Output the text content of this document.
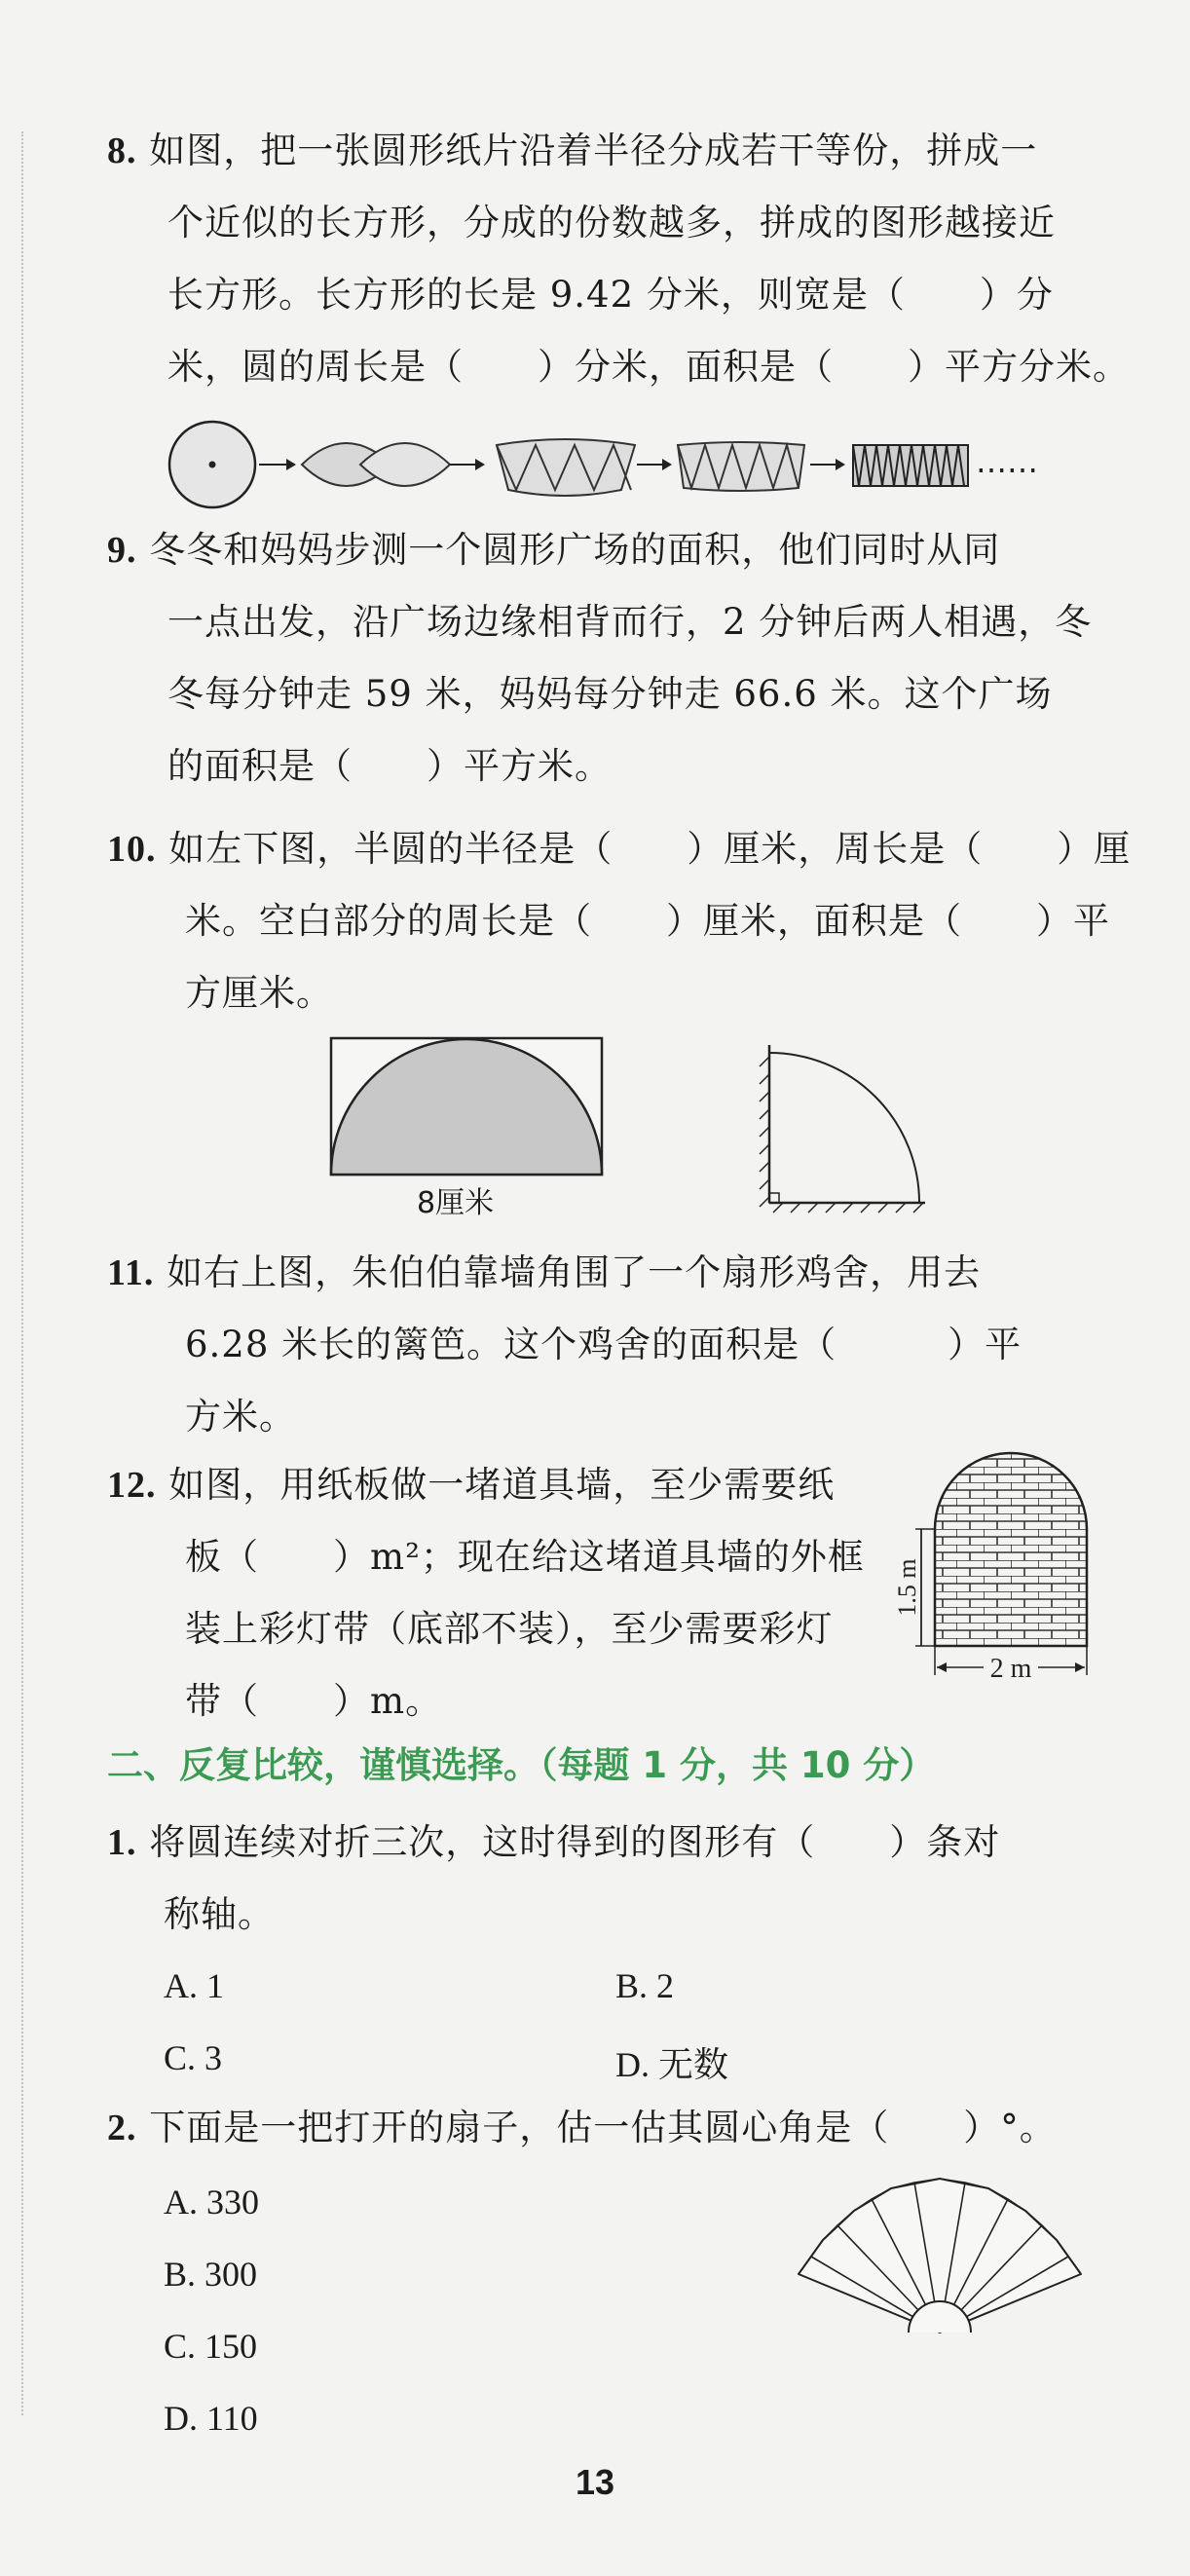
8. 如图，把一张圆形纸片沿着半径分成若干等份，拼成一
个近似的长方形，分成的份数越多，拼成的图形越接近
长方形。长方形的长是 9.42 分米，则宽是（　　）分
米，圆的周长是（　　）分米，面积是（　　）平方分米。
……
9. 冬冬和妈妈步测一个圆形广场的面积，他们同时从同
一点出发，沿广场边缘相背而行，2 分钟后两人相遇，冬
冬每分钟走 59 米，妈妈每分钟走 66.6 米。这个广场
的面积是（　　）平方米。
10. 如左下图，半圆的半径是（　　）厘米，周长是（　　）厘
米。空白部分的周长是（　　）厘米，面积是（　　）平
方厘米。
8厘米
11. 如右上图，朱伯伯靠墙角围了一个扇形鸡舍，用去
6.28 米长的篱笆。这个鸡舍的面积是（　　　）平
方米。
12. 如图，用纸板做一堵道具墙，至少需要纸
板（　　）m²；现在给这堵道具墙的外框
装上彩灯带（底部不装），至少需要彩灯
带（　　）m。
1.5 m
2 m
二、反复比较，谨慎选择。（每题 1 分，共 10 分）
1. 将圆连续对折三次，这时得到的图形有（　　）条对
称轴。
A. 1	B. 2
C. 3	D. 无数
2. 下面是一把打开的扇子，估一估其圆心角是（　　）°。
A. 330
B. 300
C. 150
D. 110
13
